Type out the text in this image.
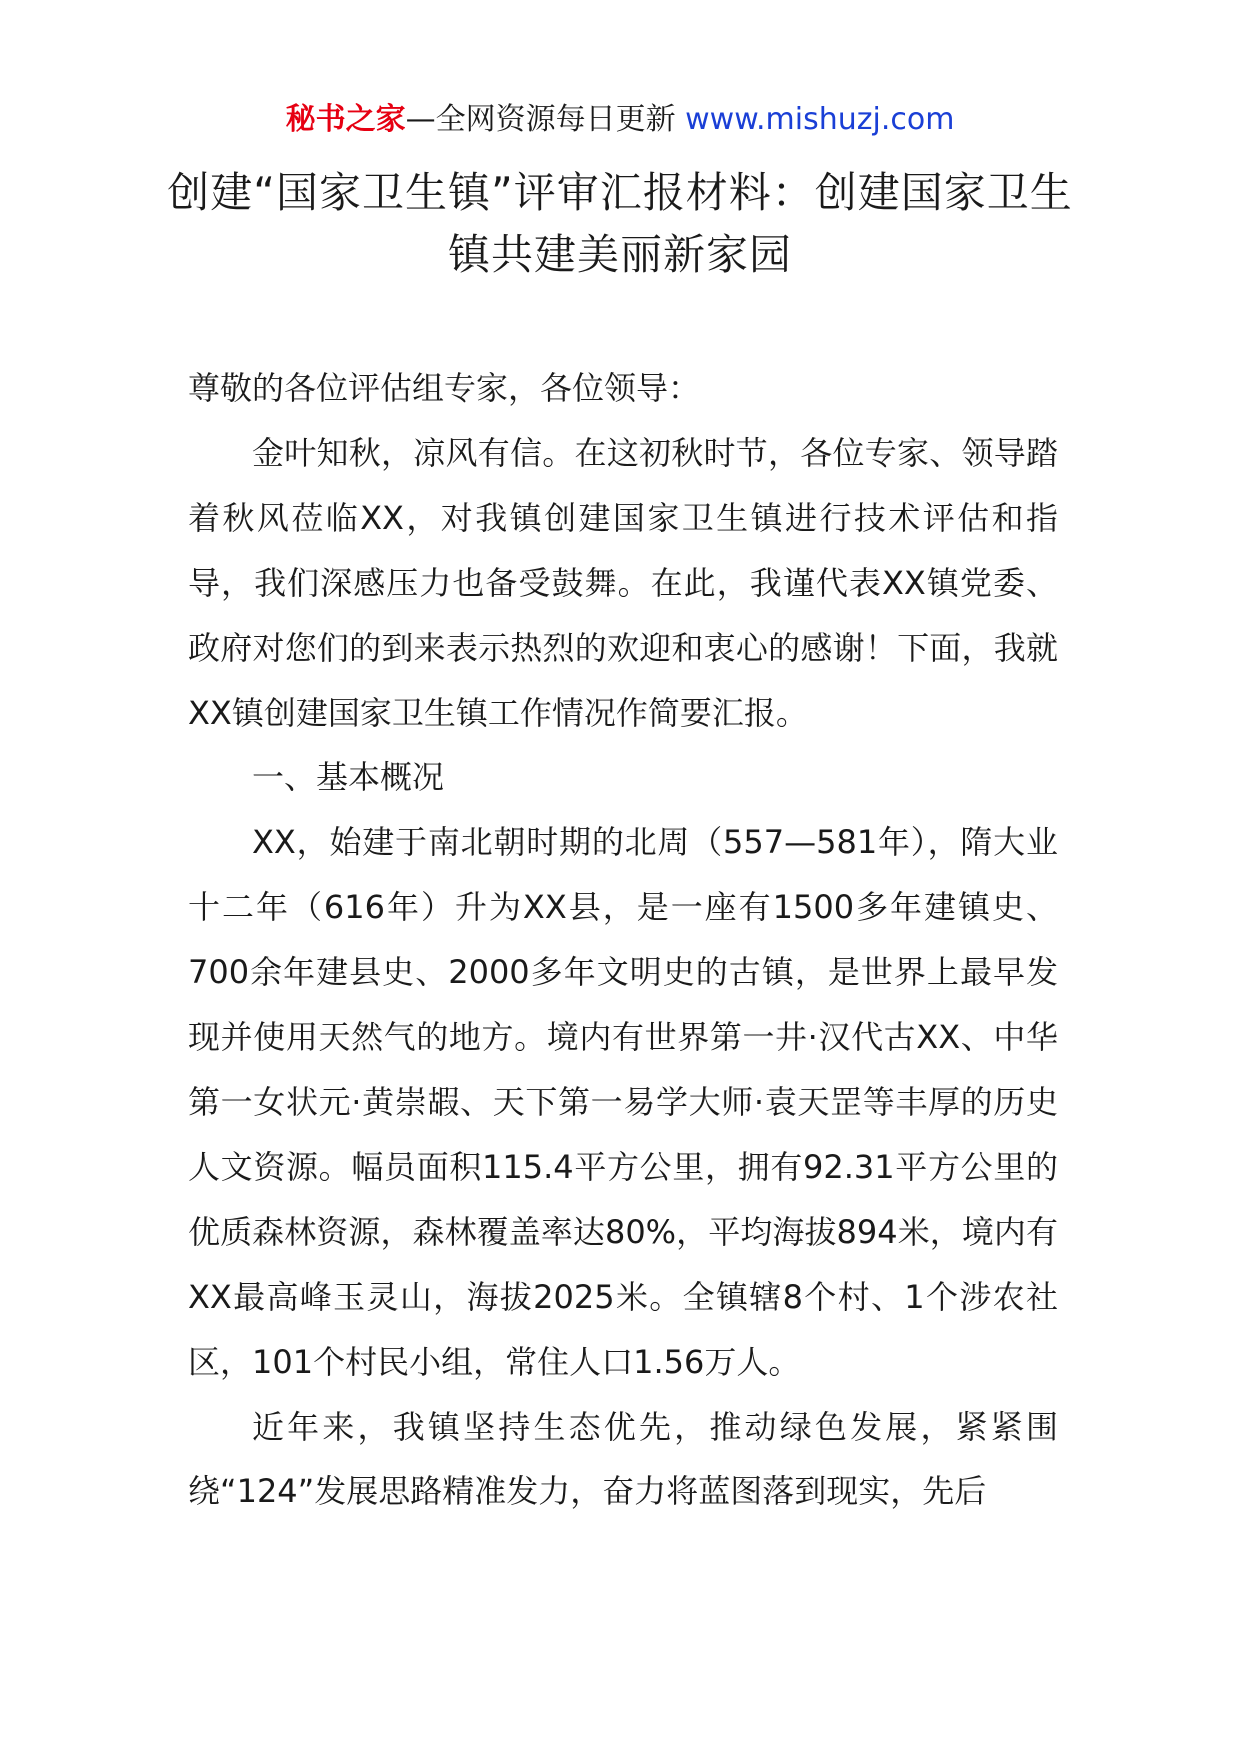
秘书之家—全网资源每日更新 www.mishuzj.com
创建“国家卫生镇”评审汇报材料：创建国家卫生镇共建美丽新家园

尊敬的各位评估组专家，各位领导：

金叶知秋，凉风有信。在这初秋时节，各位专家、领导踏着秋风莅临XX，对我镇创建国家卫生镇进行技术评估和指导，我们深感压力也备受鼓舞。在此，我谨代表XX镇党委、政府对您们的到来表示热烈的欢迎和衷心的感谢！下面，我就XX镇创建国家卫生镇工作情况作简要汇报。

一、基本概况

XX，始建于南北朝时期的北周（557—581年），隋大业十二年（616年）升为XX县，是一座有1500多年建镇史、700余年建县史、2000多年文明史的古镇，是世界上最早发现并使用天然气的地方。境内有世界第一井·汉代古XX、中华第一女状元·黄崇嘏、天下第一易学大师·袁天罡等丰厚的历史人文资源。幅员面积115.4平方公里，拥有92.31平方公里的优质森林资源，森林覆盖率达80%，平均海拔894米，境内有XX最高峰玉灵山，海拔2025米。全镇辖8个村、1个涉农社区，101个村民小组，常住人口1.56万人。

近年来，我镇坚持生态优先，推动绿色发展，紧紧围绕“124”发展思路精准发力，奋力将蓝图落到现实，先后
